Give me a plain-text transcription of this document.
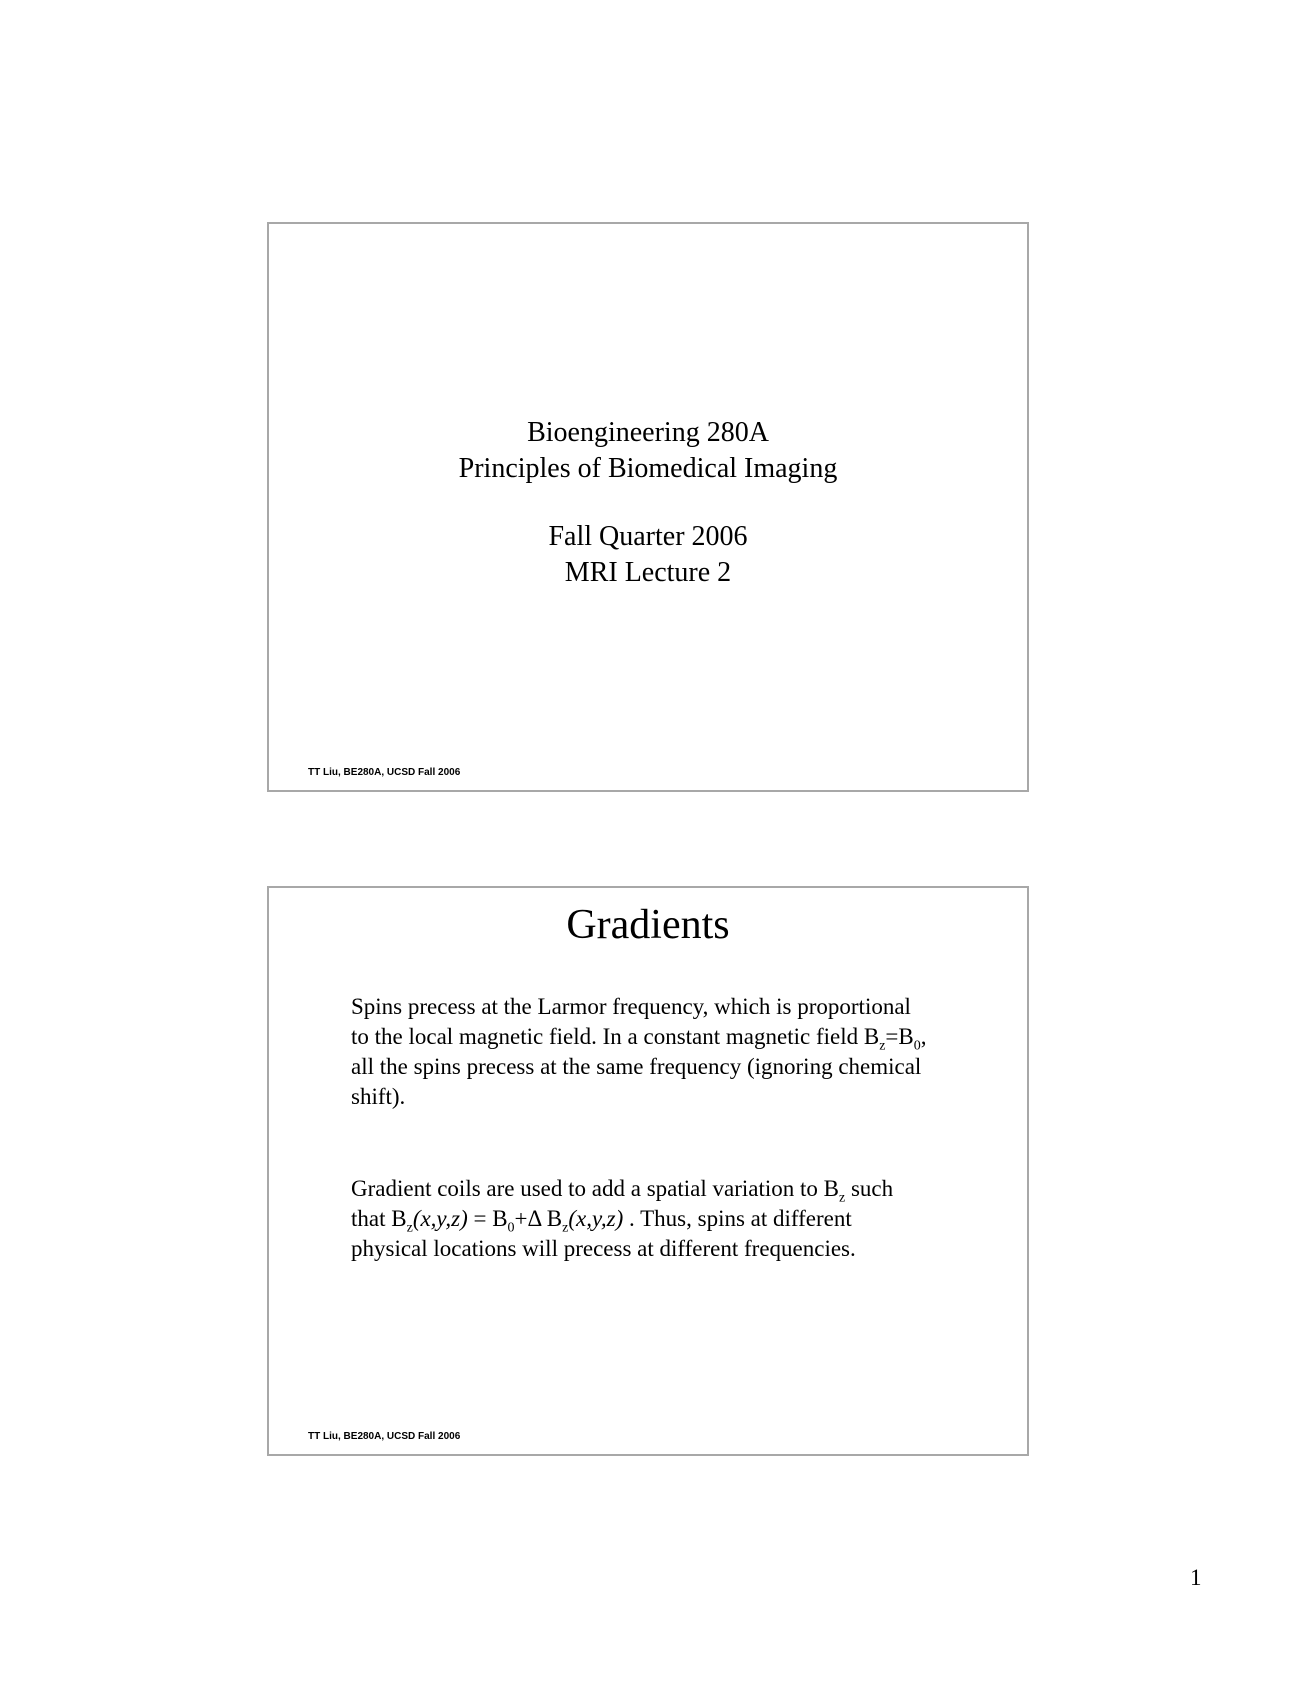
Bioengineering 280A
Principles of Biomedical Imaging
Fall Quarter 2006
MRI Lecture 2
TT Liu, BE280A, UCSD Fall 2006
Gradients
Spins precess at the Larmor frequency, which is proportional to the local magnetic field. In a constant magnetic field $B_z=B_0$, all the spins precess at the same frequency (ignoring chemical shift).
Gradient coils are used to add a spatial variation to $B_z$ such that $B_z(x,y,z) = B_0+\Delta$ $B_z(x,y,z)$ . Thus, spins at different physical locations will precess at different frequencies.
TT Liu, BE280A, UCSD Fall 2006
1
